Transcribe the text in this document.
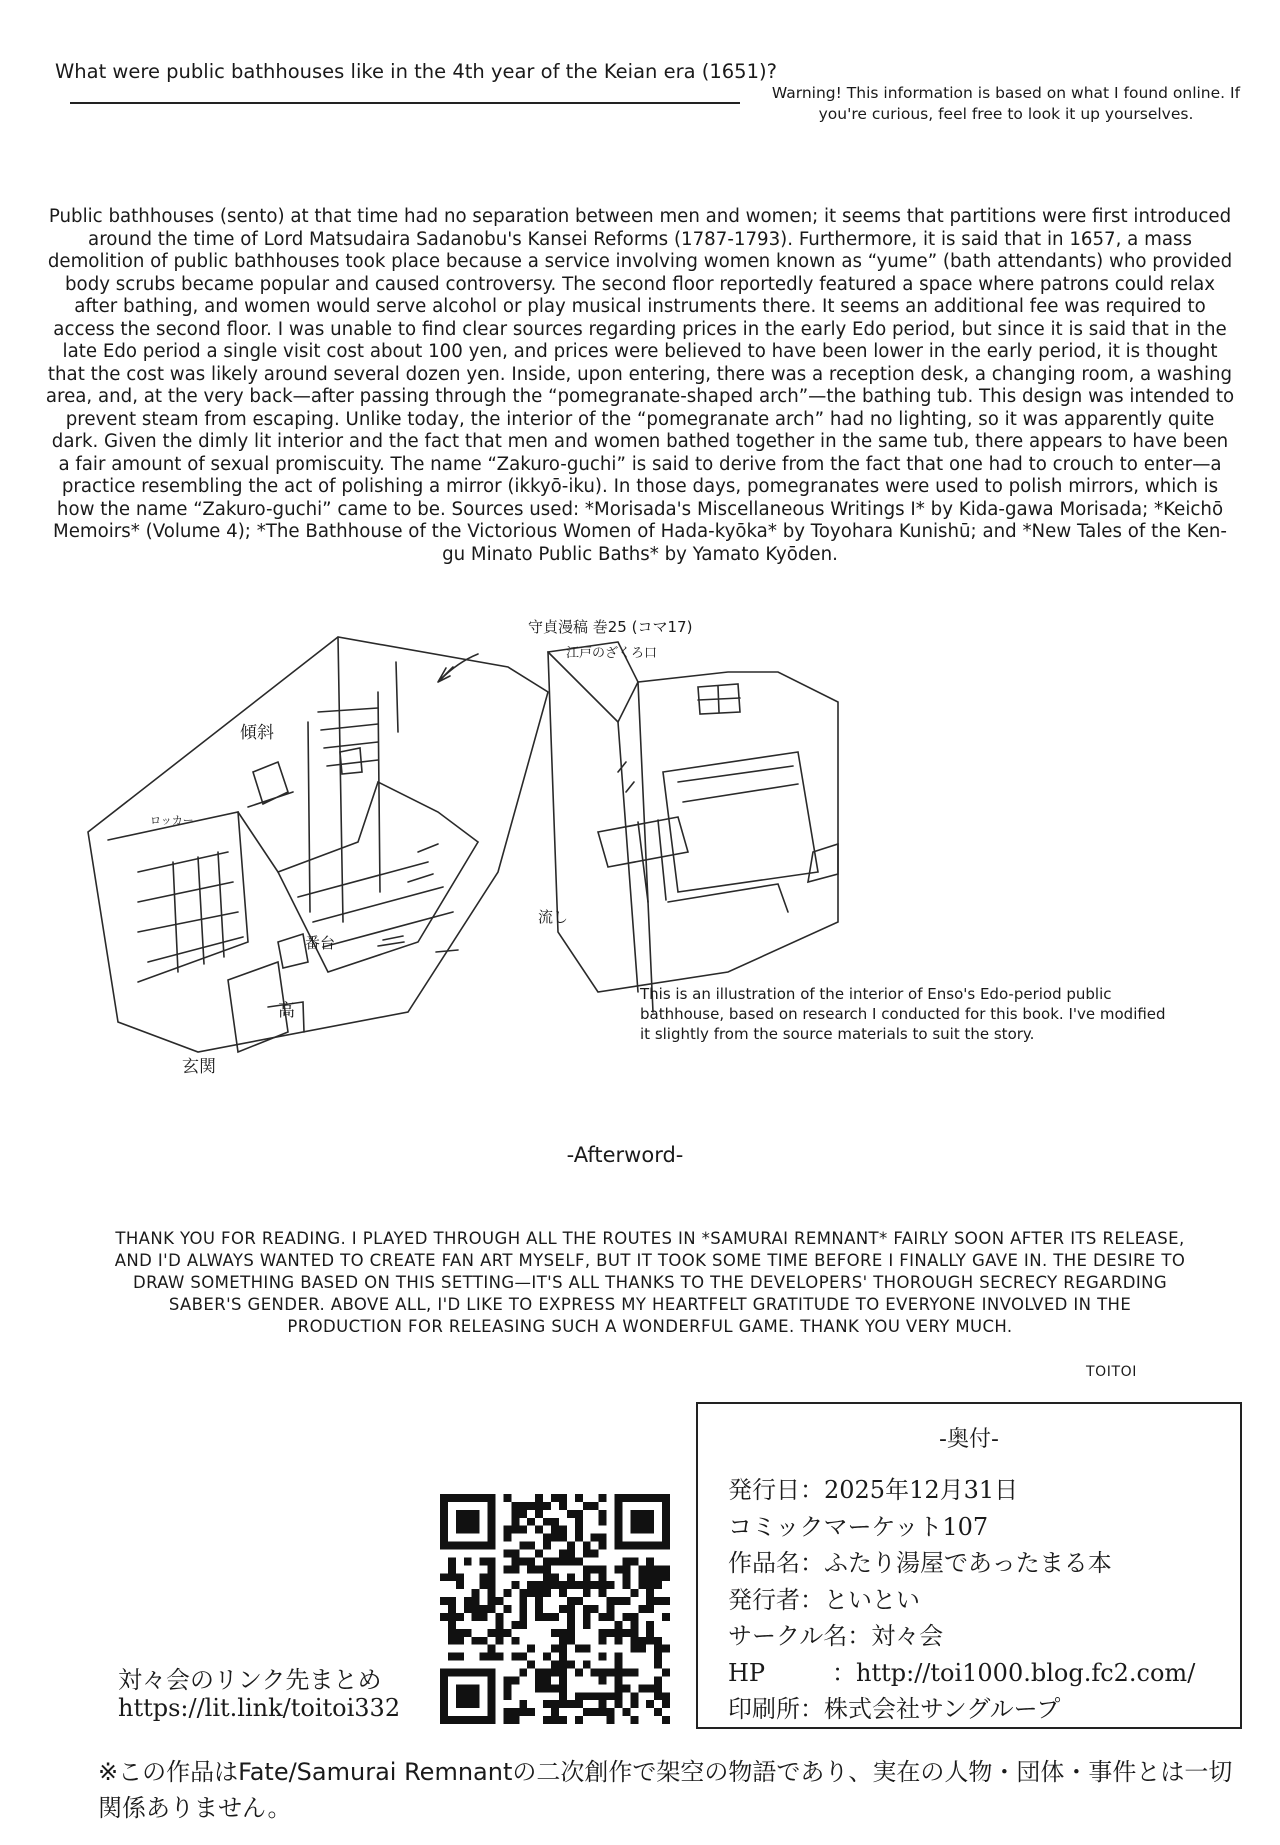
What were public bathhouses like in the 4th year of the Keian era (1651)?
Warning! This information is based on what I found online. If you're curious, feel free to look it up yourselves.
Public bathhouses (sento) at that time had no separation between men and women; it seems that partitions were first introduced around the time of Lord Matsudaira Sadanobu's Kansei Reforms (1787-1793). Furthermore, it is said that in 1657, a mass demolition of public bathhouses took place because a service involving women known as “yume” (bath attendants) who provided body scrubs became popular and caused controversy. The second floor reportedly featured a space where patrons could relax after bathing, and women would serve alcohol or play musical instruments there. It seems an additional fee was required to access the second floor. I was unable to find clear sources regarding prices in the early Edo period, but since it is said that in the late Edo period a single visit cost about 100 yen, and prices were believed to have been lower in the early period, it is thought that the cost was likely around several dozen yen. Inside, upon entering, there was a reception desk, a changing room, a washing area, and, at the very back—after passing through the “pomegranate-shaped arch”—the bathing tub. This design was intended to prevent steam from escaping. Unlike today, the interior of the “pomegranate arch” had no lighting, so it was apparently quite dark. Given the dimly lit interior and the fact that men and women bathed together in the same tub, there appears to have been a fair amount of sexual promiscuity. The name “Zakuro-guchi” is said to derive from the fact that one had to crouch to enter—a practice resembling the act of polishing a mirror (ikkyō-iku). In those days, pomegranates were used to polish mirrors, which is how the name “Zakuro-guchi” came to be. Sources used: *Morisada's Miscellaneous Writings I* by Kida-gawa Morisada; *Keichō Memoirs* (Volume 4); *The Bathhouse of the Victorious Women of Hada-kyōka* by Toyohara Kunishū; and *New Tales of the Ken-gu Minato Public Baths* by Yamato Kyōden.
守貞漫稿 巻25 (コマ17)
江戸のざくろ口
傾斜
ロッカー
流し
番台
高
玄関
This is an illustration of the interior of Enso's Edo-period public bathhouse, based on research I conducted for this book. I've modified it slightly from the source materials to suit the story.
-Afterword-
THANK YOU FOR READING. I PLAYED THROUGH ALL THE ROUTES IN *SAMURAI REMNANT* FAIRLY SOON AFTER ITS RELEASE, AND I'D ALWAYS WANTED TO CREATE FAN ART MYSELF, BUT IT TOOK SOME TIME BEFORE I FINALLY GAVE IN. THE DESIRE TO DRAW SOMETHING BASED ON THIS SETTING—IT'S ALL THANKS TO THE DEVELOPERS' THOROUGH SECRECY REGARDING SABER'S GENDER. ABOVE ALL, I'D LIKE TO EXPRESS MY HEARTFELT GRATITUDE TO EVERYONE INVOLVED IN THE PRODUCTION FOR RELEASING SUCH A WONDERFUL GAME. THANK YOU VERY MUCH.
TOITOI
-奥付-
発行日：2025年12月31日
コミックマーケット107
作品名：ふたり湯屋であったまる本
発行者：といとい
サークル名：対々会
HP	：http://toi1000.blog.fc2.com/
印刷所：株式会社サングループ
対々会のリンク先まとめ
https://lit.link/toitoi332
※この作品はFate/Samurai Remnantの二次創作で架空の物語であり、実在の人物・団体・事件とは一切関係ありません。
